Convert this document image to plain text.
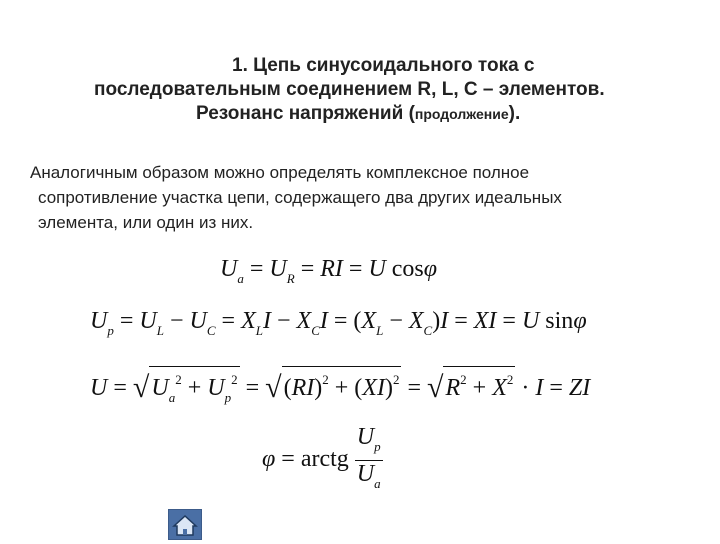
1. Цепь синусоидального тока с
последовательным соединением R, L, C – элементов.
Резонанс напряжений (продолжение).
Аналогичным образом можно определять комплексное полное
сопротивление участка цепи, содержащего два других идеальных
элемента, или один из них.
$U_a = U_R$ = RI = U cosφ
$U_p = U_L - U_C = X_LI - X_CI = (X_L - X_C)I$ = XI = U sinφ
$U = √U_a^2 + U_p^2 = √(RI)^2 + (XI)^2 = √R^2 + X^2 \cdot I$ = ZI
φ = arctg $\frac{U_p}{U_a}$
